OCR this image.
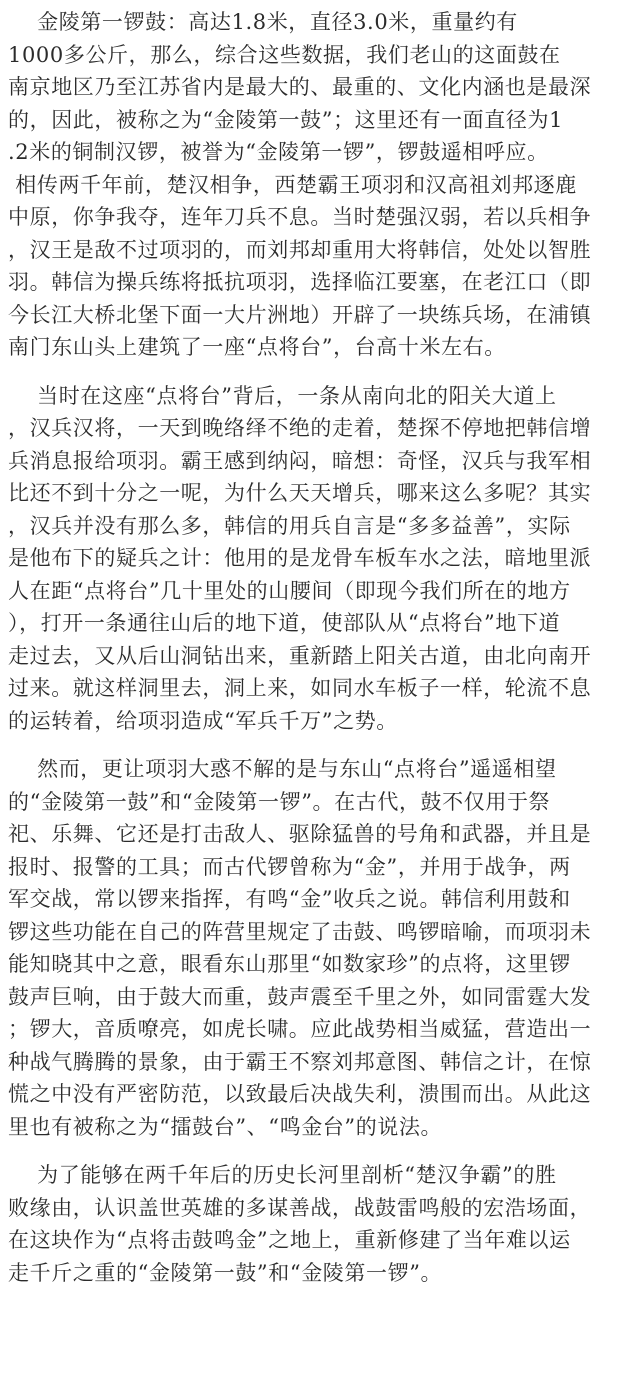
金陵第一锣鼓：高达1.8米，直径3.0米，重量约有
1000多公斤，那么，综合这些数据，我们老山的这面鼓在
南京地区乃至江苏省内是最大的、最重的、文化内涵也是最深
的，因此，被称之为“金陵第一鼓”；这里还有一面直径为1
.2米的铜制汉锣，被誉为“金陵第一锣”，锣鼓遥相呼应。
相传两千年前，楚汉相争，西楚霸王项羽和汉高祖刘邦逐鹿
中原，你争我夺，连年刀兵不息。当时楚强汉弱，若以兵相争
，汉王是敌不过项羽的，而刘邦却重用大将韩信，处处以智胜
羽。韩信为操兵练将抵抗项羽，选择临江要塞，在老江口（即
今长江大桥北堡下面一大片洲地）开辟了一块练兵场，在浦镇
南门东山头上建筑了一座“点将台”，台高十米左右。
当时在这座“点将台”背后，一条从南向北的阳关大道上
，汉兵汉将，一天到晚络绎不绝的走着，楚探不停地把韩信增
兵消息报给项羽。霸王感到纳闷，暗想：奇怪，汉兵与我军相
比还不到十分之一呢，为什么天天增兵，哪来这么多呢？其实
，汉兵并没有那么多，韩信的用兵自言是“多多益善”，实际
是他布下的疑兵之计：他用的是龙骨车板车水之法，暗地里派
人在距“点将台”几十里处的山腰间（即现今我们所在的地方
），打开一条通往山后的地下道，使部队从“点将台”地下道
走过去，又从后山洞钻出来，重新踏上阳关古道，由北向南开
过来。就这样洞里去，洞上来，如同水车板子一样，轮流不息
的运转着，给项羽造成“军兵千万”之势。
然而，更让项羽大惑不解的是与东山“点将台”遥遥相望
的“金陵第一鼓”和“金陵第一锣”。在古代，鼓不仅用于祭
祀、乐舞、它还是打击敌人、驱除猛兽的号角和武器，并且是
报时、报警的工具；而古代锣曾称为“金”，并用于战争，两
军交战，常以锣来指挥，有鸣“金”收兵之说。韩信利用鼓和
锣这些功能在自己的阵营里规定了击鼓、鸣锣暗喻，而项羽未
能知晓其中之意，眼看东山那里“如数家珍”的点将，这里锣
鼓声巨响，由于鼓大而重，鼓声震至千里之外，如同雷霆大发
；锣大，音质嘹亮，如虎长啸。应此战势相当威猛，营造出一
种战气腾腾的景象，由于霸王不察刘邦意图、韩信之计，在惊
慌之中没有严密防范，以致最后决战失利，溃围而出。从此这
里也有被称之为“擂鼓台”、“鸣金台”的说法。
为了能够在两千年后的历史长河里剖析“楚汉争霸”的胜
败缘由，认识盖世英雄的多谋善战，战鼓雷鸣般的宏浩场面，
在这块作为“点将击鼓鸣金”之地上，重新修建了当年难以运
走千斤之重的“金陵第一鼓”和“金陵第一锣”。
